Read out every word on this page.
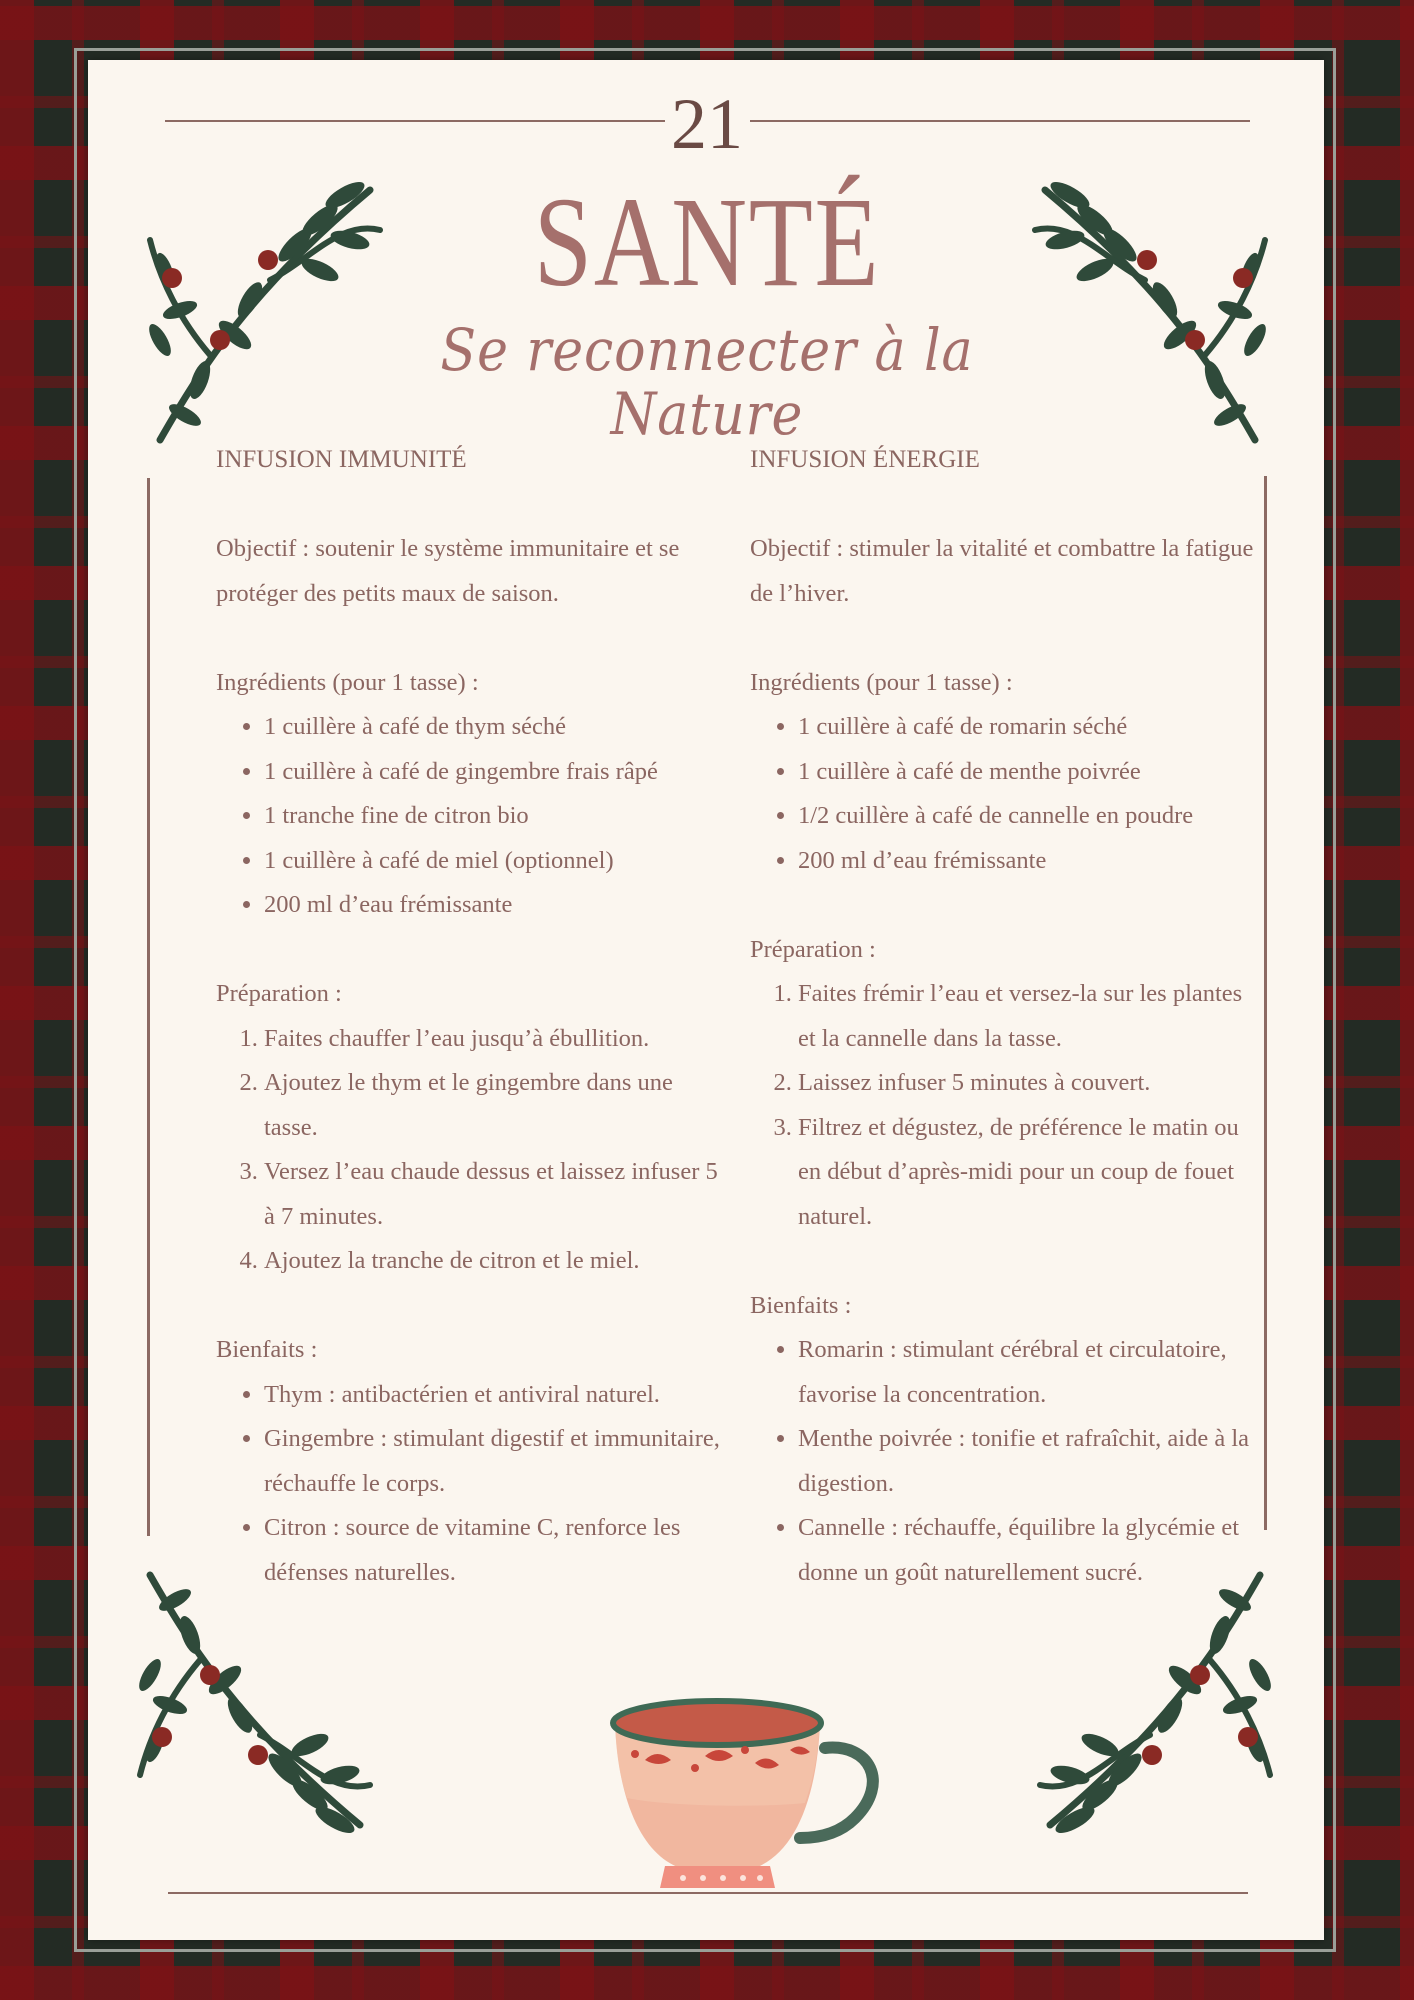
21
SANTÉ
Se reconnecter à la Nature
INFUSION IMMUNITÉ

Objectif : soutenir le système immunitaire et se protéger des petits maux de saison.

Ingrédients (pour 1 tasse) :

• 1 cuillère à café de thym séché
• 1 cuillère à café de gingembre frais râpé
• 1 tranche fine de citron bio
• 1 cuillère à café de miel (optionnel)
• 200 ml d’eau frémissante

Préparation :

1. Faites chauffer l’eau jusqu’à ébullition.
2. Ajoutez le thym et le gingembre dans une tasse.
3. Versez l’eau chaude dessus et laissez infuser 5 à 7 minutes.
4. Ajoutez la tranche de citron et le miel.

Bienfaits :

• Thym : antibactérien et antiviral naturel.
• Gingembre : stimulant digestif et immunitaire, réchauffe le corps.
• Citron : source de vitamine C, renforce les défenses naturelles.
INFUSION ÉNERGIE

Objectif : stimuler la vitalité et combattre la fatigue de l’hiver.

Ingrédients (pour 1 tasse) :

• 1 cuillère à café de romarin séché
• 1 cuillère à café de menthe poivrée
• 1/2 cuillère à café de cannelle en poudre
• 200 ml d’eau frémissante

Préparation :

1. Faites frémir l’eau et versez-la sur les plantes et la cannelle dans la tasse.
2. Laissez infuser 5 minutes à couvert.
3. Filtrez et dégustez, de préférence le matin ou en début d’après-midi pour un coup de fouet naturel.

Bienfaits :

• Romarin : stimulant cérébral et circulatoire, favorise la concentration.
• Menthe poivrée : tonifie et rafraîchit, aide à la digestion.
• Cannelle : réchauffe, équilibre la glycémie et donne un goût naturellement sucré.
